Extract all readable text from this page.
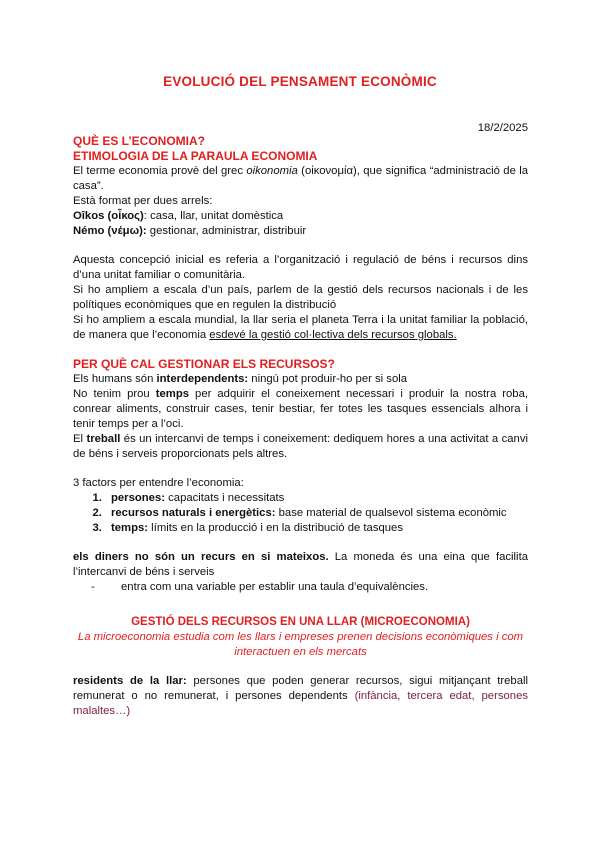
EVOLUCIÓ DEL PENSAMENT ECONÒMIC
18/2/2025
QUÈ ES L’ECONOMIA?
ETIMOLOGIA DE LA PARAULA ECONOMIA

El terme economia provè del grec oikonomia (οἰκονομία), que significa “administració de la casa”.

Està format per dues arrels:

Oîkos (οἶκος): casa, llar, unitat domèstica

Némo (νέμω): gestionar, administrar, distribuir

Aquesta concepció inicial es referia a l’organització i regulació de béns i recursos dins d’una unitat familiar o comunitària.

Si ho ampliem a escala d’un país, parlem de la gestió dels recursos nacionals i de les polítiques econòmiques que en regulen la distribució

Si ho ampliem a escala mundial, la llar seria el planeta Terra i la unitat familiar la població, de manera que l’economia esdevé la gestió col·lectiva dels recursos globals.

PER QUÈ CAL GESTIONAR ELS RECURSOS?

Els humans són interdependents: ningú pot produir-ho per si sola

No tenim prou temps per adquirir el coneixement necessari i produir la nostra roba, conrear aliments, construir cases, tenir bestiar, fer totes les tasques essencials alhora i tenir temps per a l’oci.

El treball és un intercanvi de temps i coneixement: dediquem hores a una activitat a canvi de béns i serveis proporcionats pels altres.

3 factors per entendre l’economia:

1. persones: capacitats i necessitats
2. recursos naturals i energètics: base material de qualsevol sistema econòmic
3. temps: límits en la producció i en la distribució de tasques

els diners no són un recurs en si mateixos. La moneda és una eina que facilita l’intercanvi de béns i serveis

- entra com una variable per establir una taula d’equivalències.
GESTIÓ DELS RECURSOS EN UNA LLAR (MICROECONOMIA)
La microeconomia estudia com les llars i empreses prenen decisions econòmiques i com interactuen en els mercats

residents de la llar: persones que poden generar recursos, sigui mitjançant treball remunerat o no remunerat, i persones dependents (infància, tercera edat, persones malaltes…)
